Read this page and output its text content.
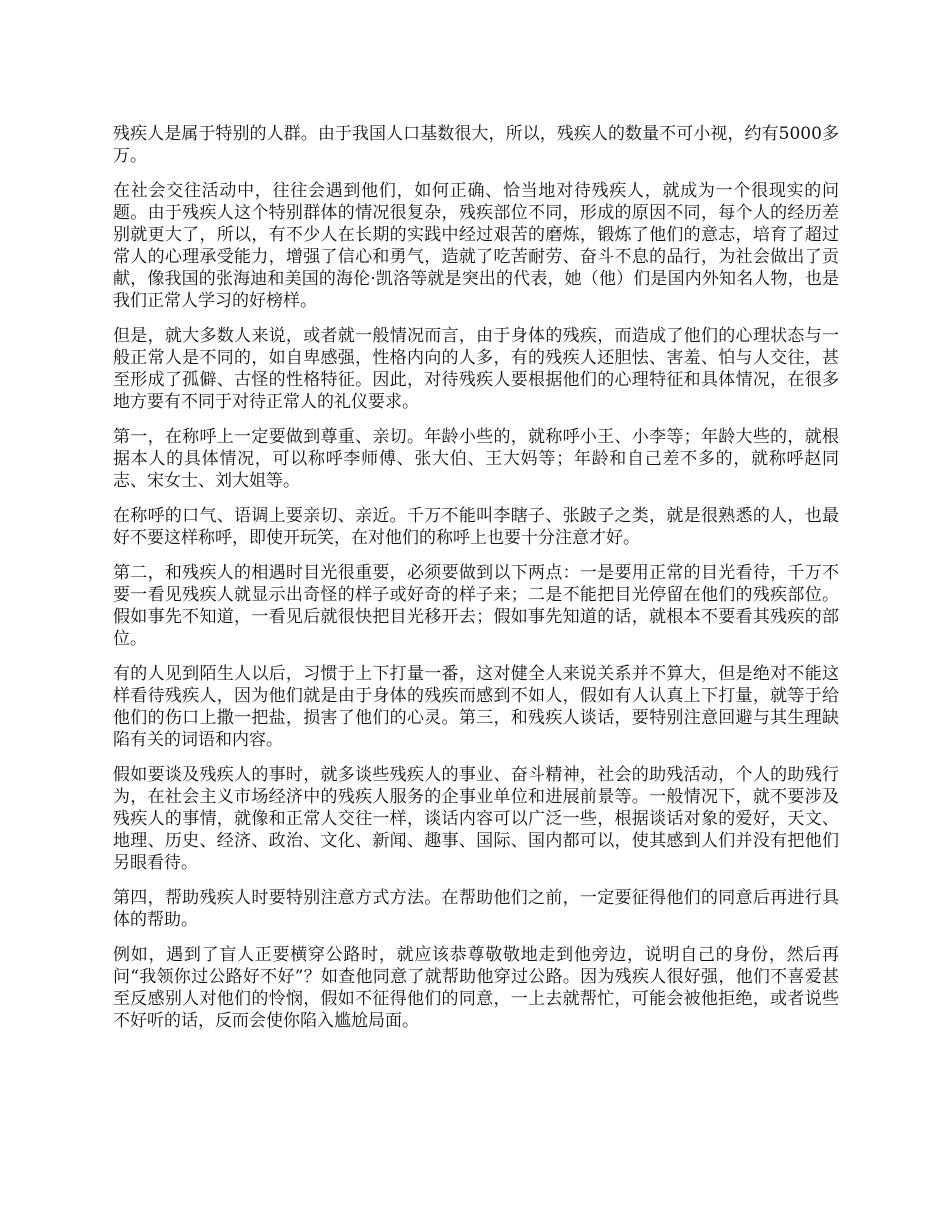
残疾人是属于特别的人群。由于我国人口基数很大，所以，残疾人的数量不可小视，约有5000多万。

在社会交往活动中，往往会遇到他们，如何正确、恰当地对待残疾人，就成为一个很现实的问题。由于残疾人这个特别群体的情况很复杂，残疾部位不同，形成的原因不同，每个人的经历差别就更大了，所以，有不少人在长期的实践中经过艰苦的磨炼，锻炼了他们的意志，培育了超过常人的心理承受能力，增强了信心和勇气，造就了吃苦耐劳、奋斗不息的品行，为社会做出了贡献，像我国的张海迪和美国的海伦·凯洛等就是突出的代表，她（他）们是国内外知名人物，也是我们正常人学习的好榜样。

但是，就大多数人来说，或者就一般情况而言，由于身体的残疾，而造成了他们的心理状态与一般正常人是不同的，如自卑感强，性格内向的人多，有的残疾人还胆怯、害羞、怕与人交往，甚至形成了孤僻、古怪的性格特征。因此，对待残疾人要根据他们的心理特征和具体情况，在很多地方要有不同于对待正常人的礼仪要求。

第一，在称呼上一定要做到尊重、亲切。年龄小些的，就称呼小王、小李等；年龄大些的，就根据本人的具体情况，可以称呼李师傅、张大伯、王大妈等；年龄和自己差不多的，就称呼赵同志、宋女士、刘大姐等。

在称呼的口气、语调上要亲切、亲近。千万不能叫李瞎子、张跛子之类，就是很熟悉的人，也最好不要这样称呼，即使开玩笑，在对他们的称呼上也要十分注意才好。

第二，和残疾人的相遇时目光很重要，必须要做到以下两点：一是要用正常的目光看待，千万不要一看见残疾人就显示出奇怪的样子或好奇的样子来；二是不能把目光停留在他们的残疾部位。假如事先不知道，一看见后就很快把目光移开去；假如事先知道的话，就根本不要看其残疾的部位。

有的人见到陌生人以后，习惯于上下打量一番，这对健全人来说关系并不算大，但是绝对不能这样看待残疾人，因为他们就是由于身体的残疾而感到不如人，假如有人认真上下打量，就等于给他们的伤口上撒一把盐，损害了他们的心灵。第三，和残疾人谈话，要特别注意回避与其生理缺陷有关的词语和内容。

假如要谈及残疾人的事时，就多谈些残疾人的事业、奋斗精神，社会的助残活动，个人的助残行为，在社会主义市场经济中的残疾人服务的企事业单位和进展前景等。一般情况下，就不要涉及残疾人的事情，就像和正常人交往一样，谈话内容可以广泛一些，根据谈话对象的爱好，天文、地理、历史、经济、政治、文化、新闻、趣事、国际、国内都可以，使其感到人们并没有把他们另眼看待。

第四，帮助残疾人时要特别注意方式方法。在帮助他们之前，一定要征得他们的同意后再进行具体的帮助。

例如，遇到了盲人正要横穿公路时，就应该恭尊敬敬地走到他旁边，说明自己的身份，然后再问“我领你过公路好不好”？如查他同意了就帮助他穿过公路。因为残疾人很好强，他们不喜爱甚至反感别人对他们的怜悯，假如不征得他们的同意，一上去就帮忙，可能会被他拒绝，或者说些不好听的话，反而会使你陷入尴尬局面。
